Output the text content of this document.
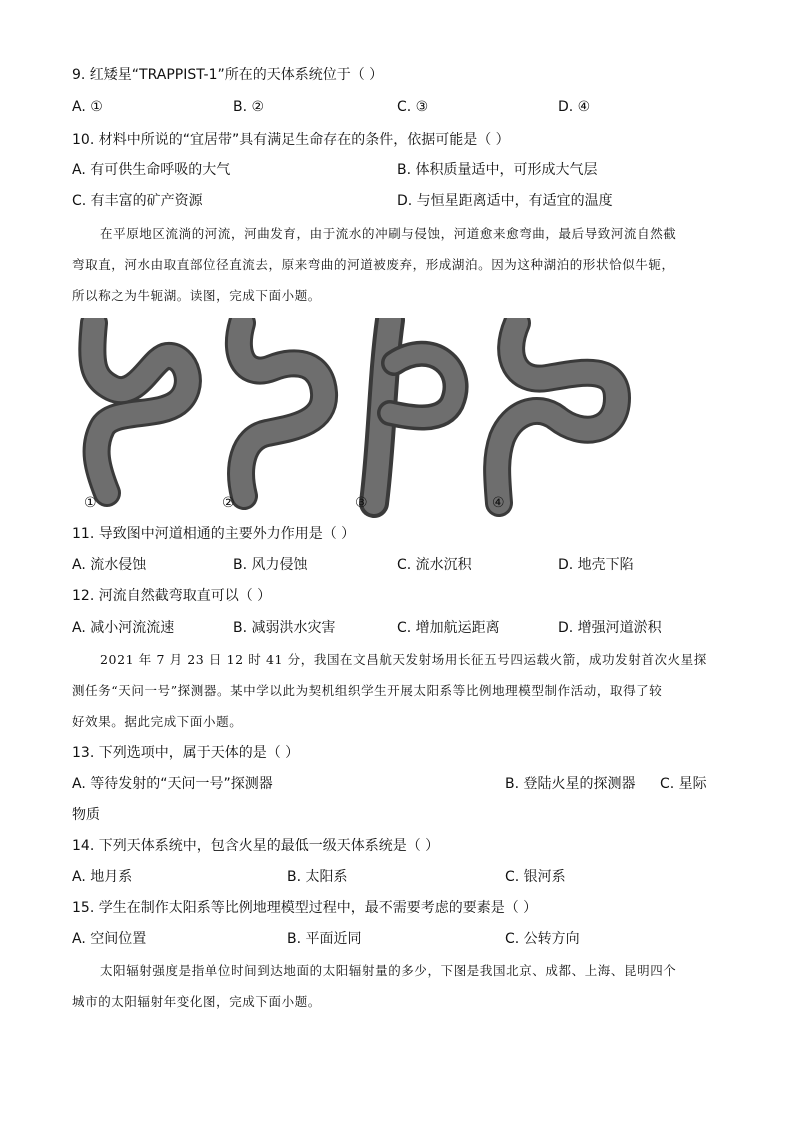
9. 红矮星“TRAPPIST-1”所在的天体系统位于（ ）
A. ①	B. ②	C. ③	D. ④
10. 材料中所说的“宜居带”具有满足生命存在的条件，依据可能是（ ）
A. 有可供生命呼吸的大气	B. 体积质量适中，可形成大气层
C. 有丰富的矿产资源	D. 与恒星距离适中，有适宜的温度
在平原地区流淌的河流，河曲发育，由于流水的冲刷与侵蚀，河道愈来愈弯曲，最后导致河流自然截
弯取直，河水由取直部位径直流去，原来弯曲的河道被废弃，形成湖泊。因为这种湖泊的形状恰似牛轭，
所以称之为牛轭湖。读图，完成下面小题。
①	②	③	④
11. 导致图中河道相通的主要外力作用是（ ）
A. 流水侵蚀	B. 风力侵蚀	C. 流水沉积	D. 地壳下陷
12. 河流自然截弯取直可以（ ）
A. 减小河流流速	B. 减弱洪水灾害	C. 增加航运距离	D. 增强河道淤积
2021 年 7 月 23 日 12 时 41 分，我国在文昌航天发射场用长征五号四运载火箭，成功发射首次火星探
测任务“天问一号”探测器。某中学以此为契机组织学生开展太阳系等比例地理模型制作活动，取得了较
好效果。据此完成下面小题。
13. 下列选项中，属于天体的是（ ）
A. 等待发射的“天问一号”探测器	B. 登陆火星的探测器 C. 星际
物质
14. 下列天体系统中，包含火星的最低一级天体系统是（ ）
A. 地月系	B. 太阳系	C. 银河系
15. 学生在制作太阳系等比例地理模型过程中，最不需要考虑的要素是（ ）
A. 空间位置	B. 平面近同	C. 公转方向
太阳辐射强度是指单位时间到达地面的太阳辐射量的多少，下图是我国北京、成都、上海、昆明四个
城市的太阳辐射年变化图，完成下面小题。
